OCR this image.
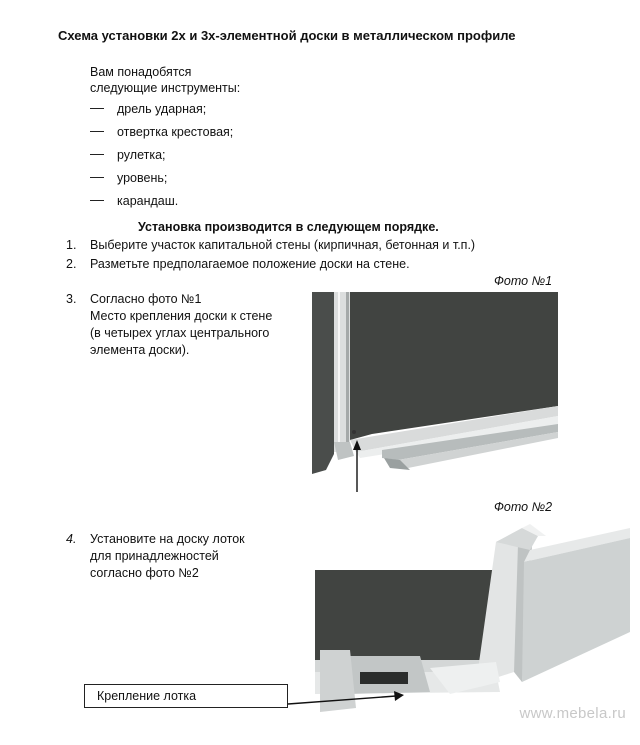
Схема установки 2х и 3х-элементной доски в металлическом профиле
Вам понадобятся
следующие инструменты:
дрель ударная;
отвертка крестовая;
рулетка;
уровень;
карандаш.
Установка производится в следующем порядке.
1.	Выберите участок капитальной стены (кирпичная, бетонная и т.п.)
2.	Разметьте предполагаемое положение доски на стене.
Фото №1
3.	Согласно фото №1
Место крепления доски к стене
(в четырех углах центрального
элемента доски).
Фото №2
4.	Установите на доску лоток
для принадлежностей
согласно фото №2
Крепление лотка
www.mebela.ru
